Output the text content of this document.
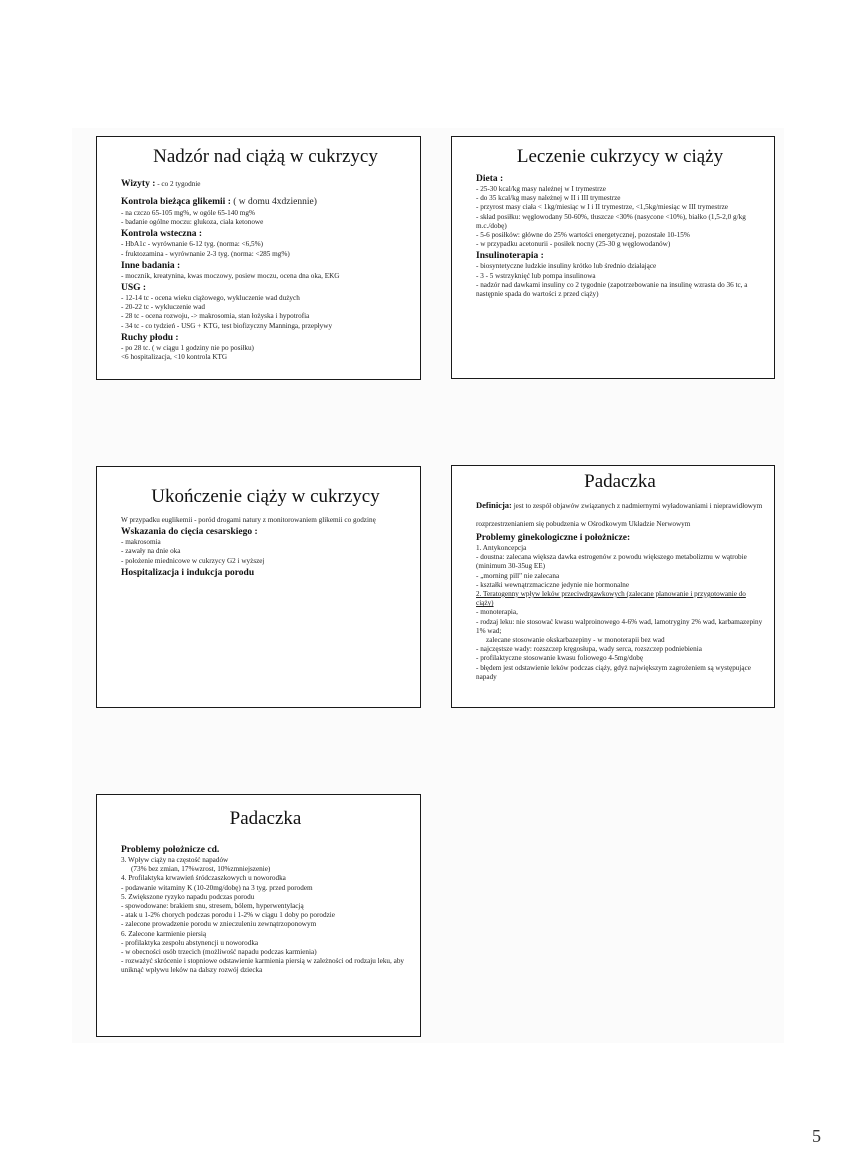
Nadzór nad ciążą w cukrzycy
Wizyty : - co 2 tygodnie
Kontrola bieżąca glikemii : ( w domu 4xdziennie)
- na czczo 65-105 mg%, w ogóle 65-140 mg%
- badanie ogólne moczu: glukoza, ciała ketonowe
Kontrola wsteczna :
- HbA1c - wyrównanie 6-12 tyg. (norma: <6,5%)
- fruktozamina - wyrównanie 2-3 tyg. (norma: <285 mg%)
Inne badania :
- mocznik, kreatynina, kwas moczowy, posiew moczu, ocena dna oka, EKG
USG :
- 12-14 tc - ocena wieku ciążowego, wykluczenie wad dużych
- 20-22 tc - wykluczenie wad
- 28 tc - ocena rozwoju, -> makrosomia, stan łożyska i hypotrofia
- 34 tc - co tydzień - USG + KTG, test biofizyczny Manninga, przepływy
Ruchy płodu :
- po 28 tc. ( w ciągu 1 godziny nie po posiłku)
<6 hospitalizacja, <10 kontrola KTG
Leczenie cukrzycy w ciąży
Dieta :
- 25-30 kcal/kg masy należnej w I trymestrze
- do 35 kcal/kg masy należnej w II i III trymestrze
- przyrost masy ciała < 1kg/miesiąc w I i II trymestrze, <1,5kg/miesiąc w III trymestrze
- skład posiłku: węglowodany 50-60%, tłuszcze <30% (nasycone <10%), białko (1,5-2,0 g/kg m.c./dobę)
- 5-6 posiłków: główne do 25% wartości energetycznej, pozostałe 10-15%
- w przypadku acetonurii - posiłek nocny (25-30 g węglowodanów)
Insulinoterapia :
- biosyntetyczne ludzkie insuliny krótko lub średnio działające
- 3 - 5 wstrzyknięć lub pompa insulinowa
- nadzór nad dawkami insuliny co 2 tygodnie (zapotrzebowanie na insulinę wzrasta do 36 tc, a następnie spada do wartości z przed ciąży)
Ukończenie ciąży w cukrzycy
W przypadku euglikemii - poród drogami natury z monitorowaniem glikemii co godzinę
Wskazania do cięcia cesarskiego :
- makrosomia
- zawały na dnie oka
- położenie miednicowe w cukrzycy G2 i wyższej
Hospitalizacja i indukcja porodu
Padaczka
Definicja: jest to zespół objawów związanych z nadmiernymi wyładowaniami i nieprawidłowym rozprzestrzenianiem się pobudzenia w Ośrodkowym Układzie Nerwowym
Problemy ginekologiczne i położnicze:
1. Antykoncepcja
- doustna: zalecana większa dawka estrogenów z powodu większego metabolizmu w wątrobie (minimum 30-35ug EE)
- „morning pill" nie zalecana
- kształki wewnątrzmaciczne jedynie nie hormonalne
2. Teratogenny wpływ leków przeciwdrgawkowych (zalecane planowanie i przygotowanie do ciąży)
- monoterapia,
- rodzaj leku: nie stosować kwasu walproinowego 4-6% wad, lamotryginy 2% wad, karbamazepiny 1% wad;
zalecane stosowanie okskarbazepiny - w monoterapii bez wad
- najczęstsze wady: rozszczep kręgosłupa, wady serca, rozszczep podniebienia
- profilaktyczne stosowanie kwasu foliowego 4-5mg/dobę
- błędem jest odstawienie leków podczas ciąży, gdyż największym zagrożeniem są występujące napady
Padaczka
Problemy położnicze cd.
3. Wpływ ciąży na częstość napadów
(73% bez zmian, 17%wzrost, 10%zmniejszenie)
4. Profilaktyka krwawień śródczaszkowych u noworodka
- podawanie witaminy K (10-20mg/dobę) na 3 tyg. przed porodem
5. Zwiększone ryzyko napadu podczas porodu
- spowodowane: brakiem snu, stresem, bólem, hyperwentylacją
- atak u 1-2% chorych podczas porodu i 1-2% w ciągu 1 doby po porodzie
- zalecone prowadzenie porodu w znieczuleniu zewnątrzoponowym
6. Zalecone karmienie piersią
- profilaktyka zespołu abstynencji u noworodka
- w obecności osób trzecich (możliwość napadu podczas karmienia)
- rozważyć skrócenie i stopniowe odstawienie karmienia piersią w zależności od rodzaju leku, aby uniknąć wpływu leków na dalszy rozwój dziecka
5
